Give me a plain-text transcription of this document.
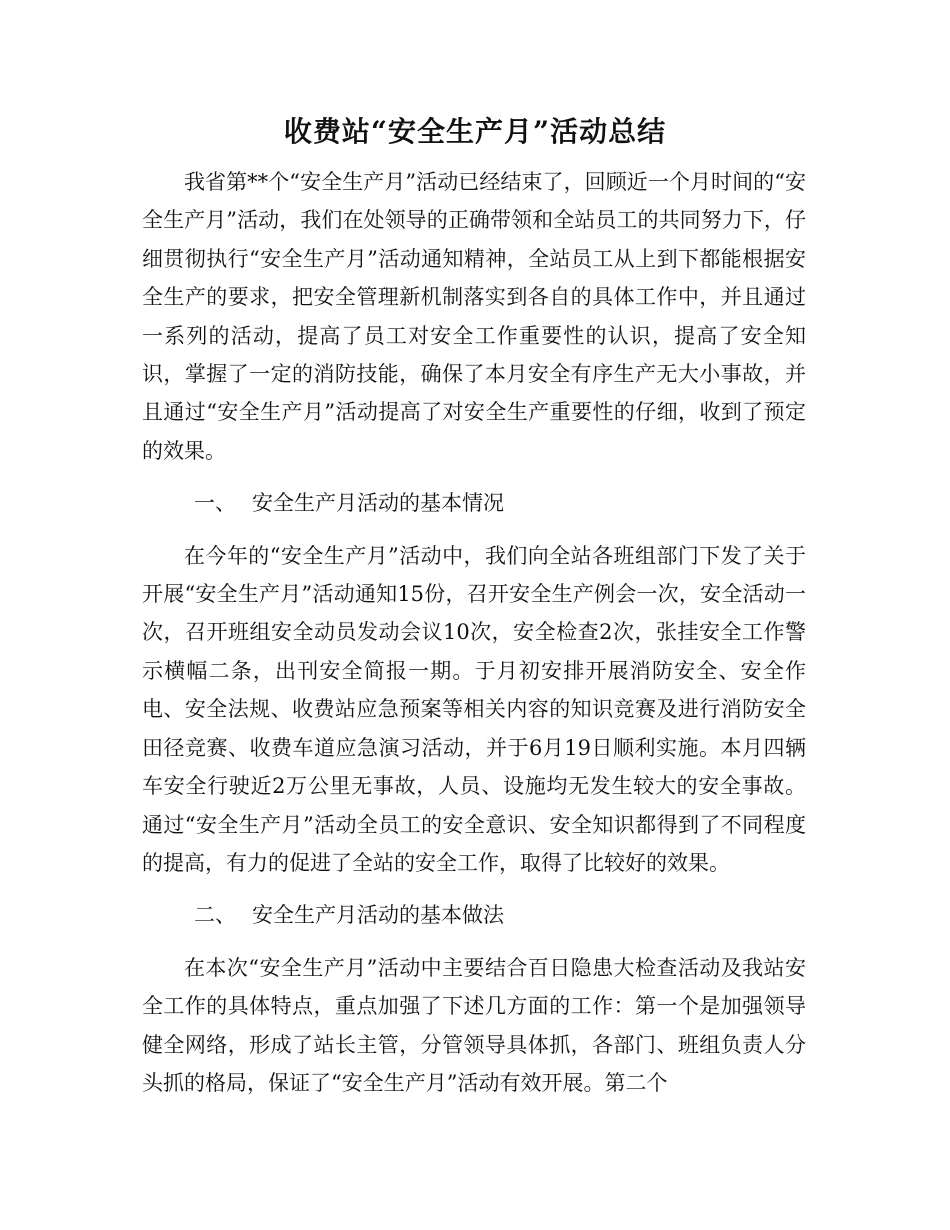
收费站“安全生产月”活动总结

我省第**个“安全生产月”活动已经结束了，回顾近一个月时间的“安全生产月”活动，我们在处领导的正确带领和全站员工的共同努力下，仔细贯彻执行“安全生产月”活动通知精神，全站员工从上到下都能根据安全生产的要求，把安全管理新机制落实到各自的具体工作中，并且通过一系列的活动，提高了员工对安全工作重要性的认识，提高了安全知识，掌握了一定的消防技能，确保了本月安全有序生产无大小事故，并且通过“安全生产月”活动提高了对安全生产重要性的仔细，收到了预定的效果。

一、 安全生产月活动的基本情况

在今年的“安全生产月”活动中，我们向全站各班组部门下发了关于开展“安全生产月”活动通知15份，召开安全生产例会一次，安全活动一次，召开班组安全动员发动会议10次，安全检查2次，张挂安全工作警示横幅二条，出刊安全简报一期。于月初安排开展消防安全、安全作电、安全法规、收费站应急预案等相关内容的知识竞赛及进行消防安全田径竞赛、收费车道应急演习活动，并于6月19日顺利实施。本月四辆车安全行驶近2万公里无事故，人员、设施均无发生较大的安全事故。通过“安全生产月”活动全员工的安全意识、安全知识都得到了不同程度的提高，有力的促进了全站的安全工作，取得了比较好的效果。

二、 安全生产月活动的基本做法

在本次“安全生产月”活动中主要结合百日隐患大检查活动及我站安全工作的具体特点，重点加强了下述几方面的工作：第一个是加强领导健全网络，形成了站长主管，分管领导具体抓，各部门、班组负责人分头抓的格局，保证了“安全生产月”活动有效开展。第二个
